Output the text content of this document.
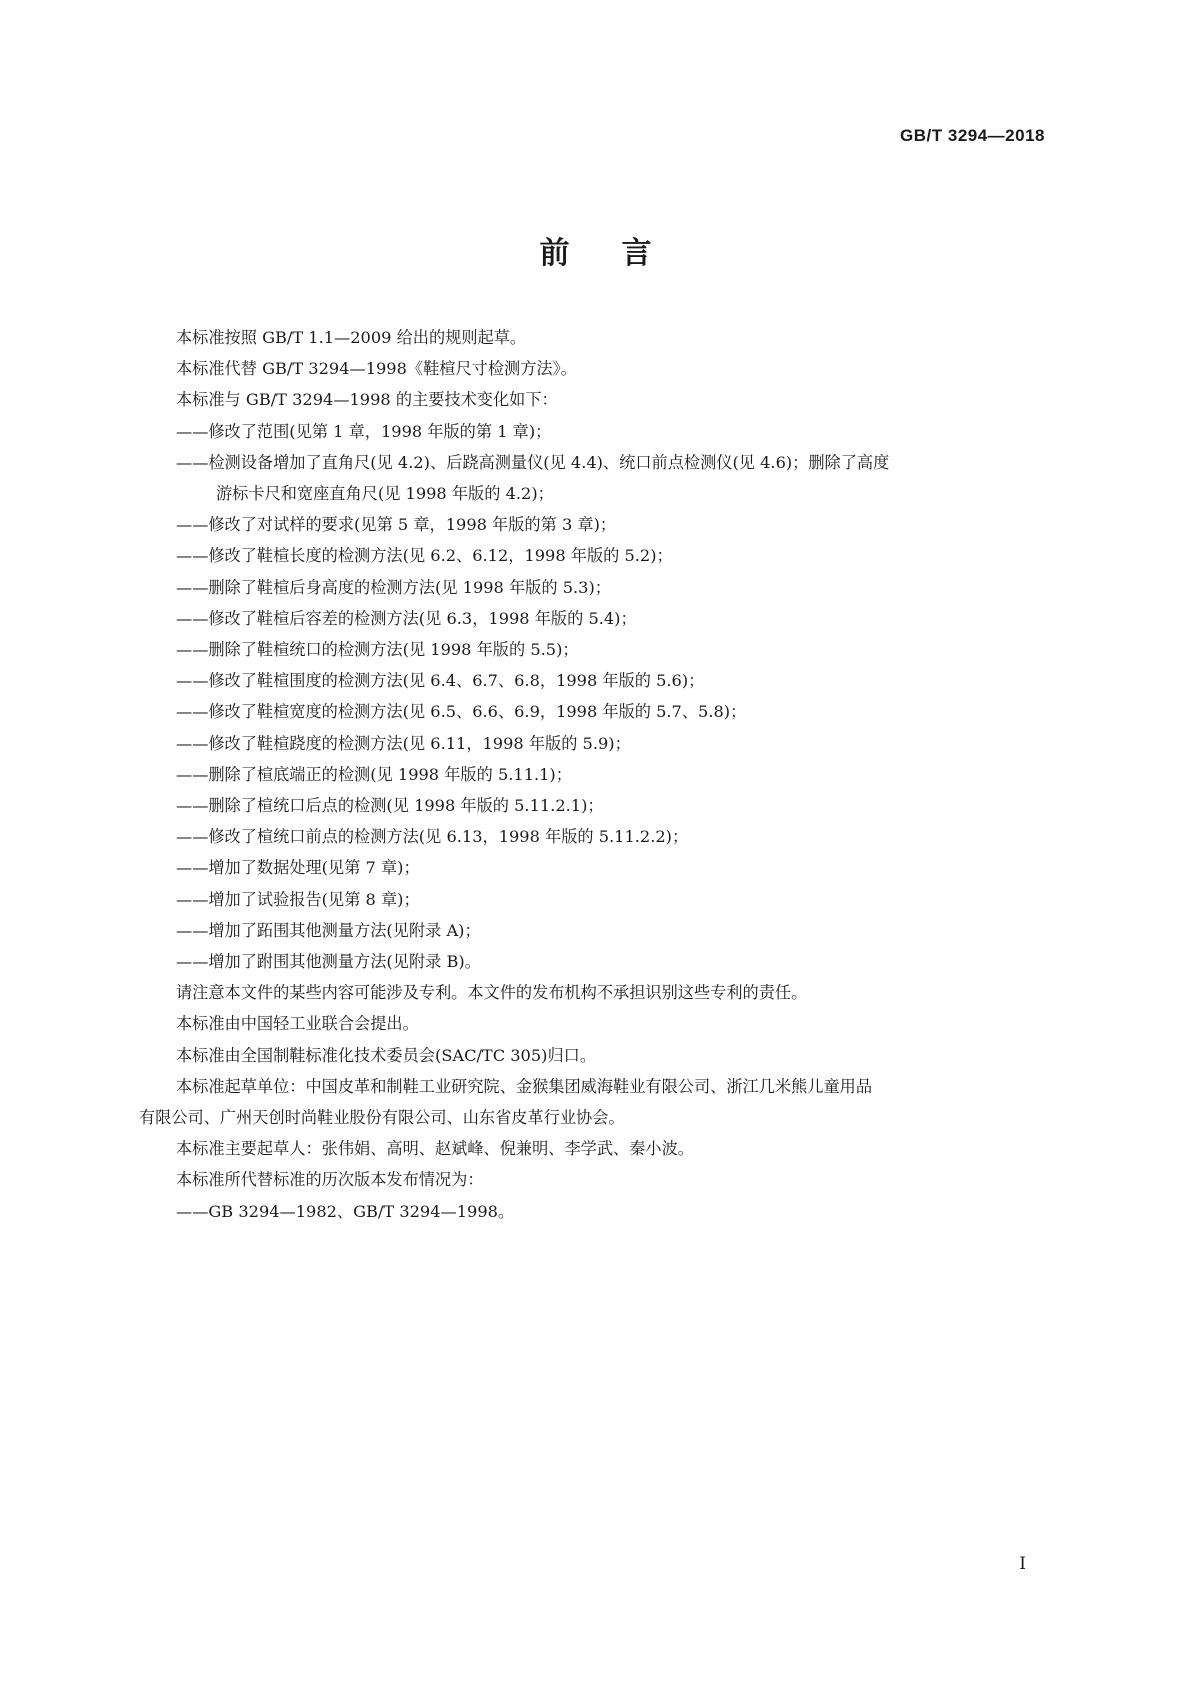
GB/T 3294—2018
前言
本标准按照 GB/T 1.1—2009 给出的规则起草。
本标准代替 GB/T 3294—1998《鞋楦尺寸检测方法》。
本标准与 GB/T 3294—1998 的主要技术变化如下：
——修改了范围(见第 1 章，1998 年版的第 1 章)；
——检测设备增加了直角尺(见 4.2)、后跷高测量仪(见 4.4)、统口前点检测仪(见 4.6)；删除了高度
游标卡尺和宽座直角尺(见 1998 年版的 4.2)；
——修改了对试样的要求(见第 5 章，1998 年版的第 3 章)；
——修改了鞋楦长度的检测方法(见 6.2、6.12，1998 年版的 5.2)；
——删除了鞋楦后身高度的检测方法(见 1998 年版的 5.3)；
——修改了鞋楦后容差的检测方法(见 6.3，1998 年版的 5.4)；
——删除了鞋楦统口的检测方法(见 1998 年版的 5.5)；
——修改了鞋楦围度的检测方法(见 6.4、6.7、6.8，1998 年版的 5.6)；
——修改了鞋楦宽度的检测方法(见 6.5、6.6、6.9，1998 年版的 5.7、5.8)；
——修改了鞋楦跷度的检测方法(见 6.11，1998 年版的 5.9)；
——删除了楦底端正的检测(见 1998 年版的 5.11.1)；
——删除了楦统口后点的检测(见 1998 年版的 5.11.2.1)；
——修改了楦统口前点的检测方法(见 6.13，1998 年版的 5.11.2.2)；
——增加了数据处理(见第 7 章)；
——增加了试验报告(见第 8 章)；
——增加了跖围其他测量方法(见附录 A)；
——增加了跗围其他测量方法(见附录 B)。
请注意本文件的某些内容可能涉及专利。本文件的发布机构不承担识别这些专利的责任。
本标准由中国轻工业联合会提出。
本标准由全国制鞋标准化技术委员会(SAC/TC 305)归口。
本标准起草单位：中国皮革和制鞋工业研究院、金猴集团威海鞋业有限公司、浙江几米熊儿童用品
有限公司、广州天创时尚鞋业股份有限公司、山东省皮革行业协会。
本标准主要起草人：张伟娟、高明、赵斌峰、倪兼明、李学武、秦小波。
本标准所代替标准的历次版本发布情况为：
——GB 3294—1982、GB/T 3294—1998。
I
